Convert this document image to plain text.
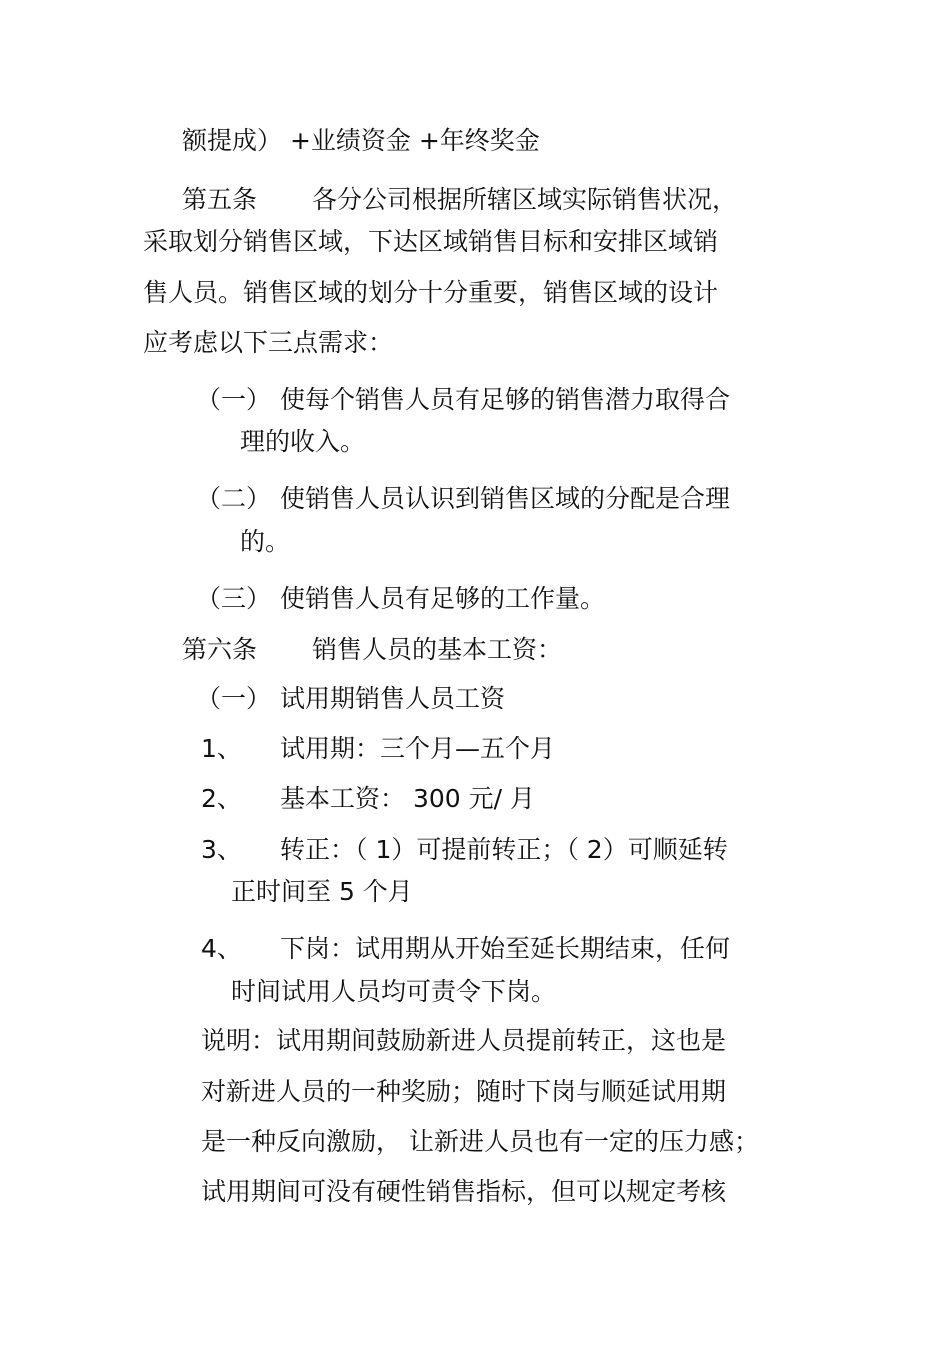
额提成） +业绩资金 +年终奖金
第五条 各分公司根据所辖区域实际销售状况，
采取划分销售区域，下达区域销售目标和安排区域销
售人员。销售区域的划分十分重要，销售区域的设计
应考虑以下三点需求：
（一） 使每个销售人员有足够的销售潜力取得合
理的收入。
（二） 使销售人员认识到销售区域的分配是合理
的。
（三） 使销售人员有足够的工作量。
第六条 销售人员的基本工资：
（一） 试用期销售人员工资
1、 试用期：三个月—五个月
2、 基本工资： 300 元/ 月
3、 转正：（ 1）可提前转正；（ 2）可顺延转
正时间至 5 个月
4、 下岗：试用期从开始至延长期结束，任何
时间试用人员均可责令下岗。
说明：试用期间鼓励新进人员提前转正，这也是
对新进人员的一种奖励；随时下岗与顺延试用期
是一种反向激励， 让新进人员也有一定的压力感；
试用期间可没有硬性销售指标，但可以规定考核
